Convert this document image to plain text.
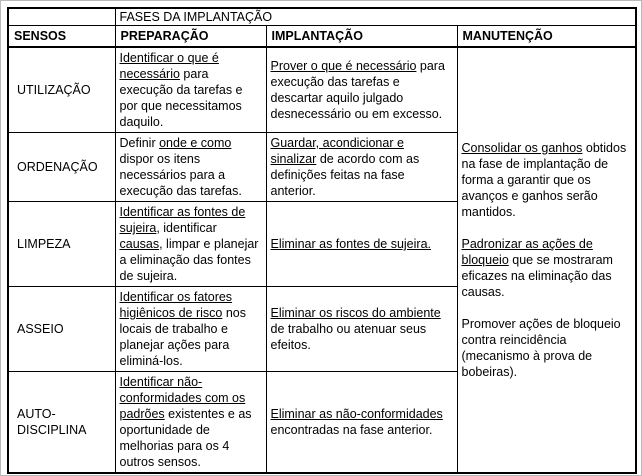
	FASES DA IMPLANTAÇÃO		
SENSOS	PREPARAÇÃO	IMPLANTAÇÃO	MANUTENÇÃO
UTILIZAÇÃO	Identificar o que é necessário para execução da tarefas e por que necessitamos daquilo.	Prover o que é necessário para execução das tarefas e descartar aquilo julgado desnecessário ou em excesso.	Consolidar os ganhos obtidos na fase de implantação de forma a garantir que os avanços e ganhos serão mantidos.

Padronizar as ações de bloqueio que se mostraram eficazes na eliminação das causas.

Promover ações de bloqueio contra reincidência (mecanismo à prova de bobeiras).

ORDENAÇÃO	Definir onde e como dispor os itens necessários para a execução das tarefas.	Guardar, acondicionar e sinalizar de acordo com as definições feitas na fase anterior.	
LIMPEZA	Identificar as fontes de sujeira, identificar causas, limpar e planejar a eliminação das fontes de sujeira.	Eliminar as fontes de sujeira.	
ASSEIO	Identificar os fatores higiênicos de risco nos locais de trabalho e planejar ações para eliminá-los.	Eliminar os riscos do ambiente de trabalho ou atenuar seus efeitos.	
AUTO-DISCIPLINA	Identificar não-conformidades com os padrões existentes e as oportunidade de melhorias para os 4 outros sensos.	Eliminar as não-conformidades encontradas na fase anterior.	
